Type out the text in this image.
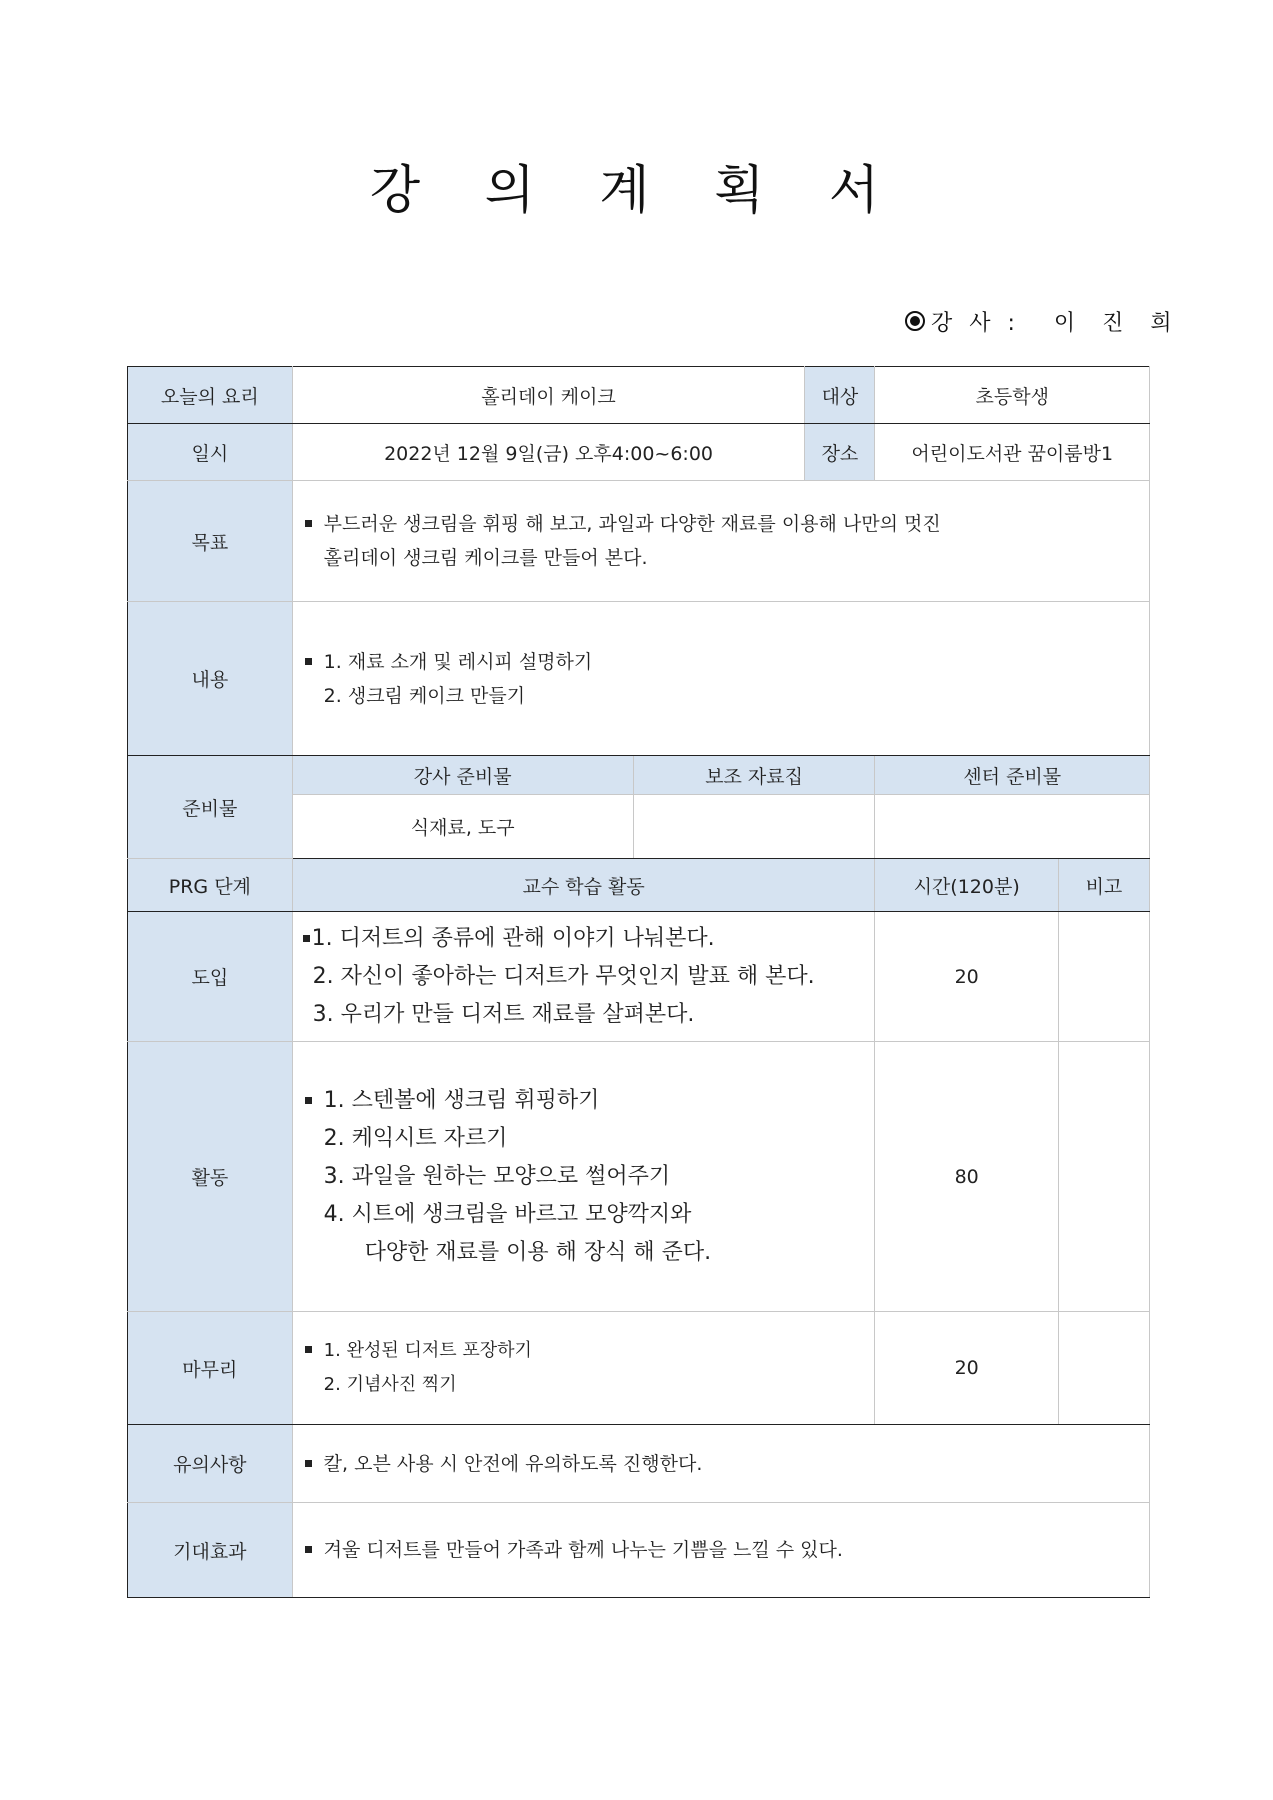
강 의 계 획 서
강 사 : 이 진 희
오늘의 요리	홀리데이 케이크		대상	초등학생	
일시	2022년 12월 9일(금) 오후4:00~6:00		장소	어린이도서관 꿈이룸방1	
목표	부드러운 생크림을 휘핑 해 보고, 과일과 다양한 재료를 이용해 나만의 멋진
홀리데이 생크림 케이크를 만들어 본다.				

내용	1. 재료 소개 및 레시피 설명하기
2. 생크림 케이크 만들기				

준비물	강사 준비물	보조 자료집		센터 준비물	
	식재료, 도구				
PRG 단계	교수 학습 활동			시간(120분)	비고
도입	1. 디저트의 종류에 관해 이야기 나눠본다.
2. 자신이 좋아하는 디저트가 무엇인지 발표 해 본다.
3. 우리가 만들 디저트 재료를 살펴본다.			20	
활동	1. 스텐볼에 생크림 휘핑하기
2. 케익시트 자르기
3. 과일을 원하는 모양으로 썰어주기
4. 시트에 생크림을 바르고 모양깍지와
다양한 재료를 이용 해 장식 해 준다.			80	
마무리	1. 완성된 디저트 포장하기
2. 기념사진 찍기			20	
유의사항	칼, 오븐 사용 시 안전에 유의하도록 진행한다.				
기대효과	겨울 디저트를 만들어 가족과 함께 나누는 기쁨을 느낄 수 있다.				
